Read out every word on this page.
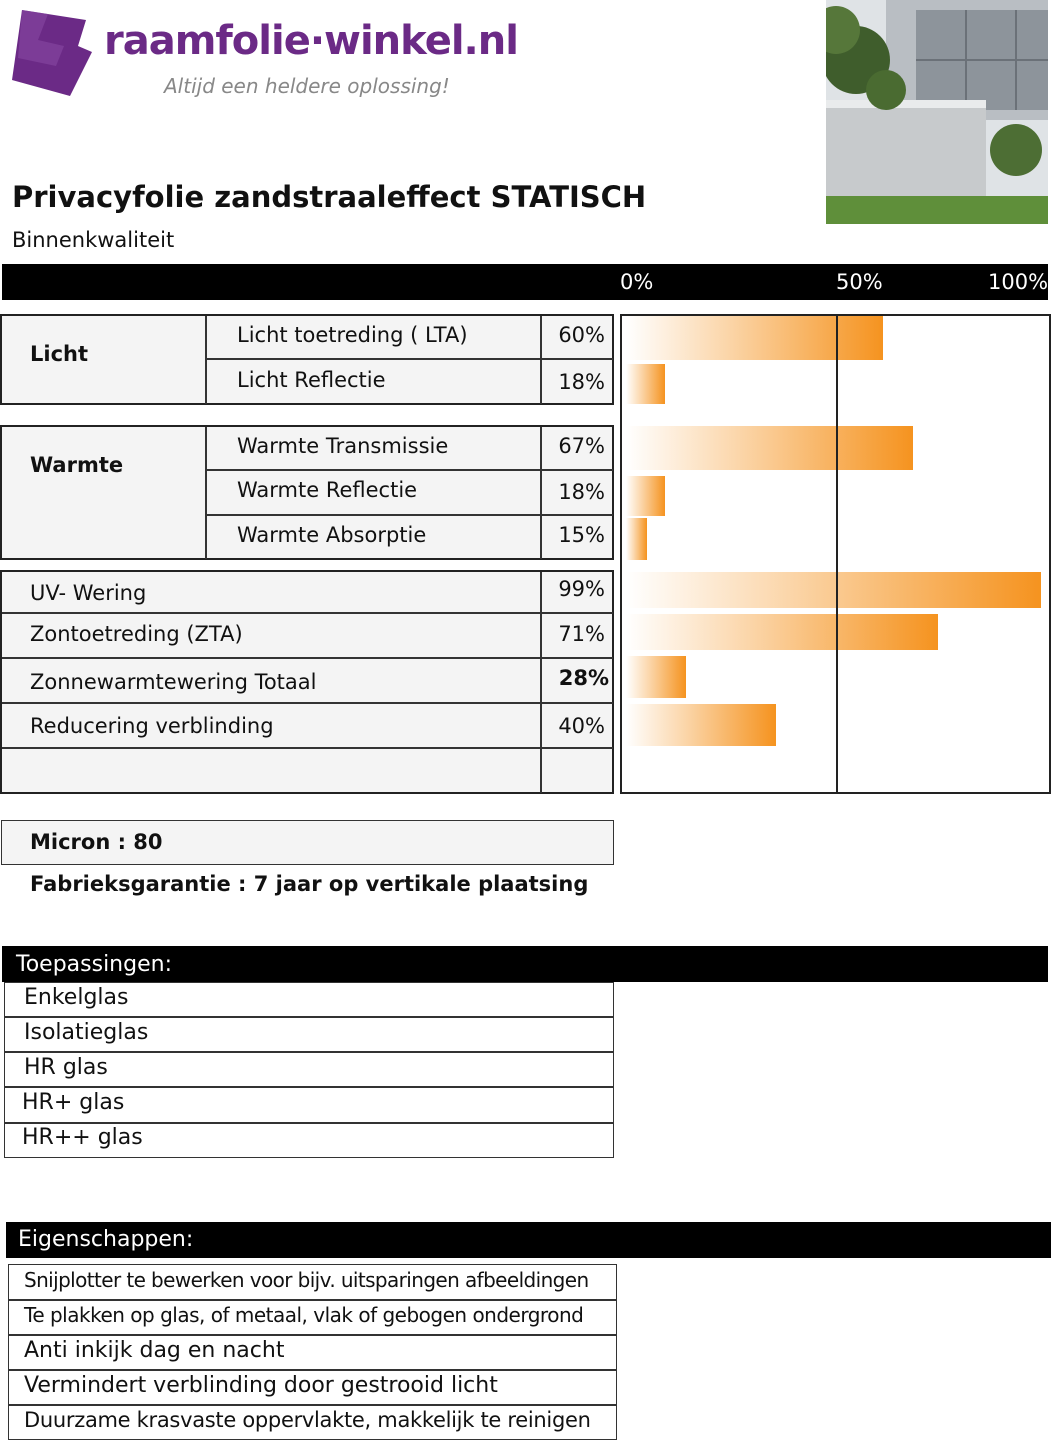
raamfolie·winkel.nl
Altijd een heldere oplossing!
Privacyfolie zandstraaleffect STATISCH
Binnenkwaliteit
0%	50%	100%
Licht
Licht toetreding ( LTA)	60%
Licht Reflectie	18%
Warmte
Warmte Transmissie	67%
Warmte Reflectie	18%
Warmte Absorptie	15%
UV- Wering	99%
Zontoetreding (ZTA)	71%
Zonnewarmtewering Totaal	28%
Reducering verblinding	40%
Micron : 80
Fabrieksgarantie : 7 jaar op vertikale plaatsing
Toepassingen:
Enkelglas
Isolatieglas
HR glas
HR+ glas
HR++ glas
Eigenschappen:
Snijplotter te bewerken voor bijv. uitsparingen afbeeldingen
Te plakken op glas, of metaal, vlak of gebogen ondergrond
Anti inkijk dag en nacht
Vermindert verblinding door gestrooid licht
Duurzame krasvaste oppervlakte, makkelijk te reinigen
